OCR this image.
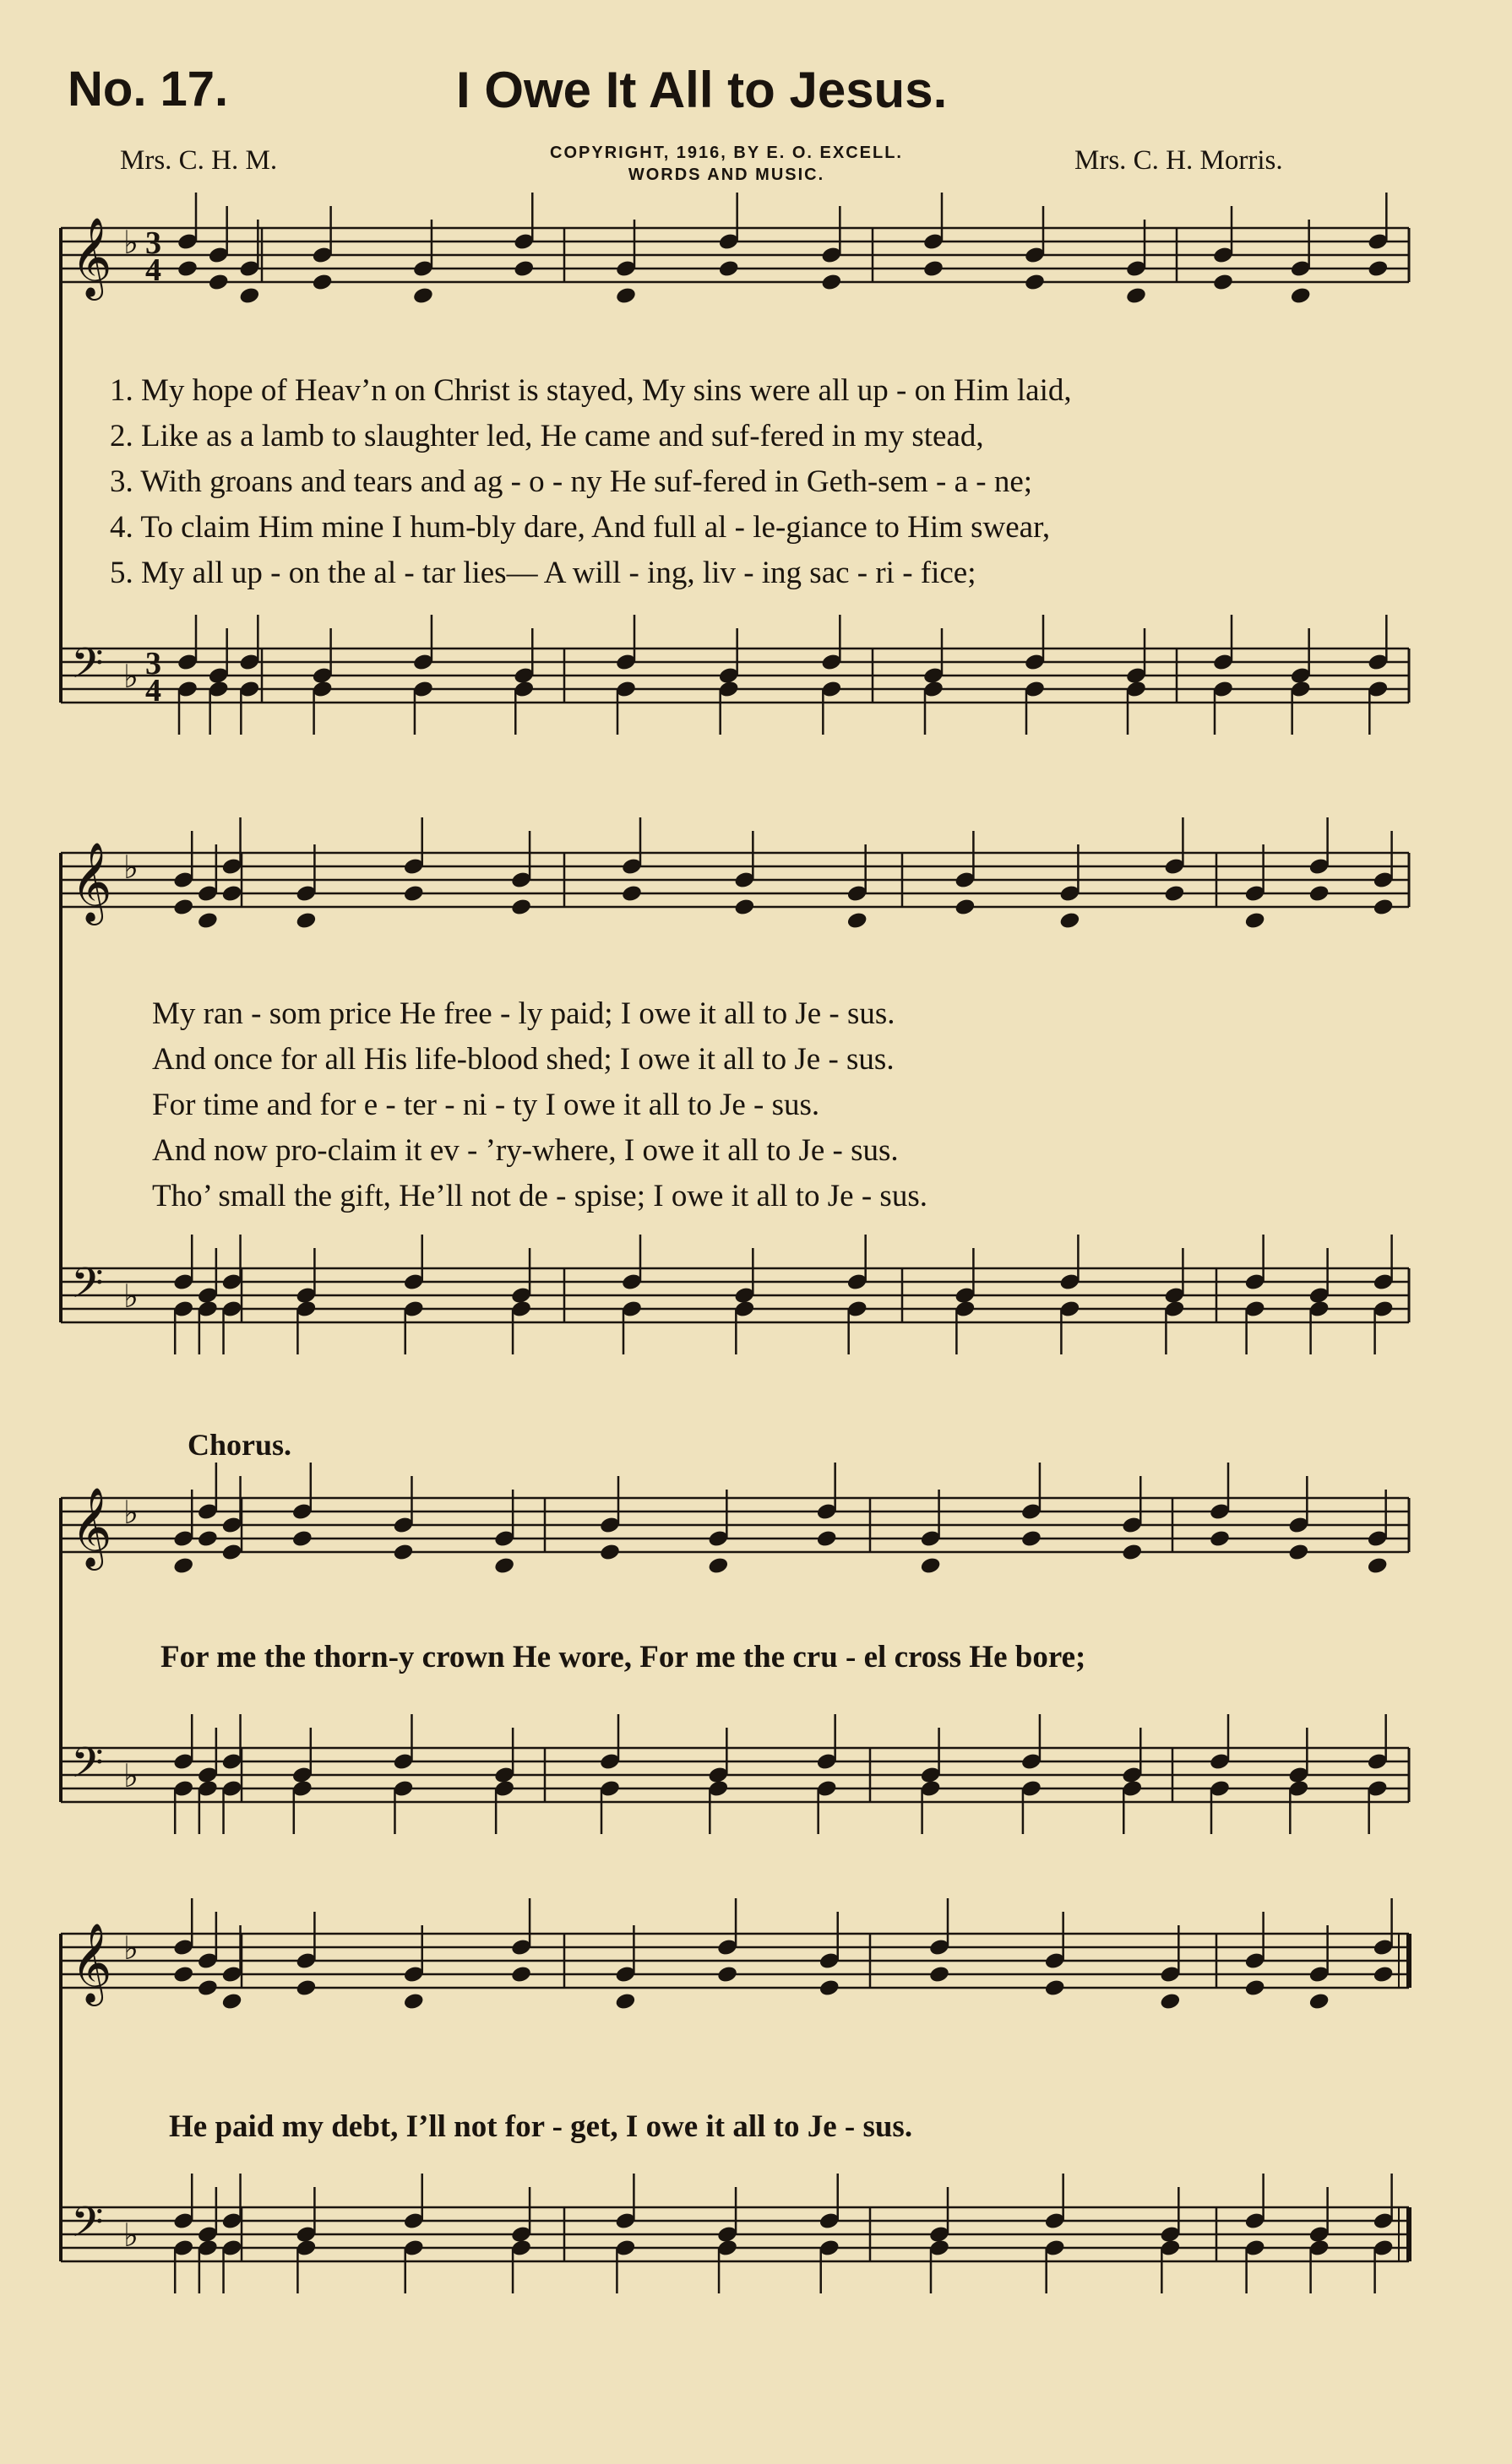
No. 17.	I Owe It All to Jesus.
Mrs. C. H. M.	Mrs. C. H. Morris.
COPYRIGHT, 1916, BY E. O. EXCELL.
WORDS AND MUSIC.
𝄞
𝄢
♭
♭
3
4
3
4
𝄞
𝄢
♭
♭
𝄞
𝄢
♭
♭
𝄞
𝄢
♭
♭
1. My hope of Heav’n on Christ is stayed, My sins were all up - on Him laid,
2. Like as a lamb to slaughter led, He came and suf-fered in my stead,
3. With groans and tears and ag - o - ny He suf-fered in Geth-sem - a - ne;
4. To claim Him mine I hum-bly dare, And full al - le-giance to Him swear,
5. My all up - on the al - tar lies— A will - ing, liv - ing sac - ri - fice;
My ran - som price He free - ly paid; I owe it all to Je - sus.
And once for all His life-blood shed; I owe it all to Je - sus.
For time and for e - ter - ni - ty I owe it all to Je - sus.
And now pro-claim it ev - ’ry-where, I owe it all to Je - sus.
Tho’ small the gift, He’ll not de - spise; I owe it all to Je - sus.
Chorus.
For me the thorn-y crown He wore, For me the cru - el cross He bore;
He paid my debt, I’ll not for - get, I owe it all to Je - sus.
